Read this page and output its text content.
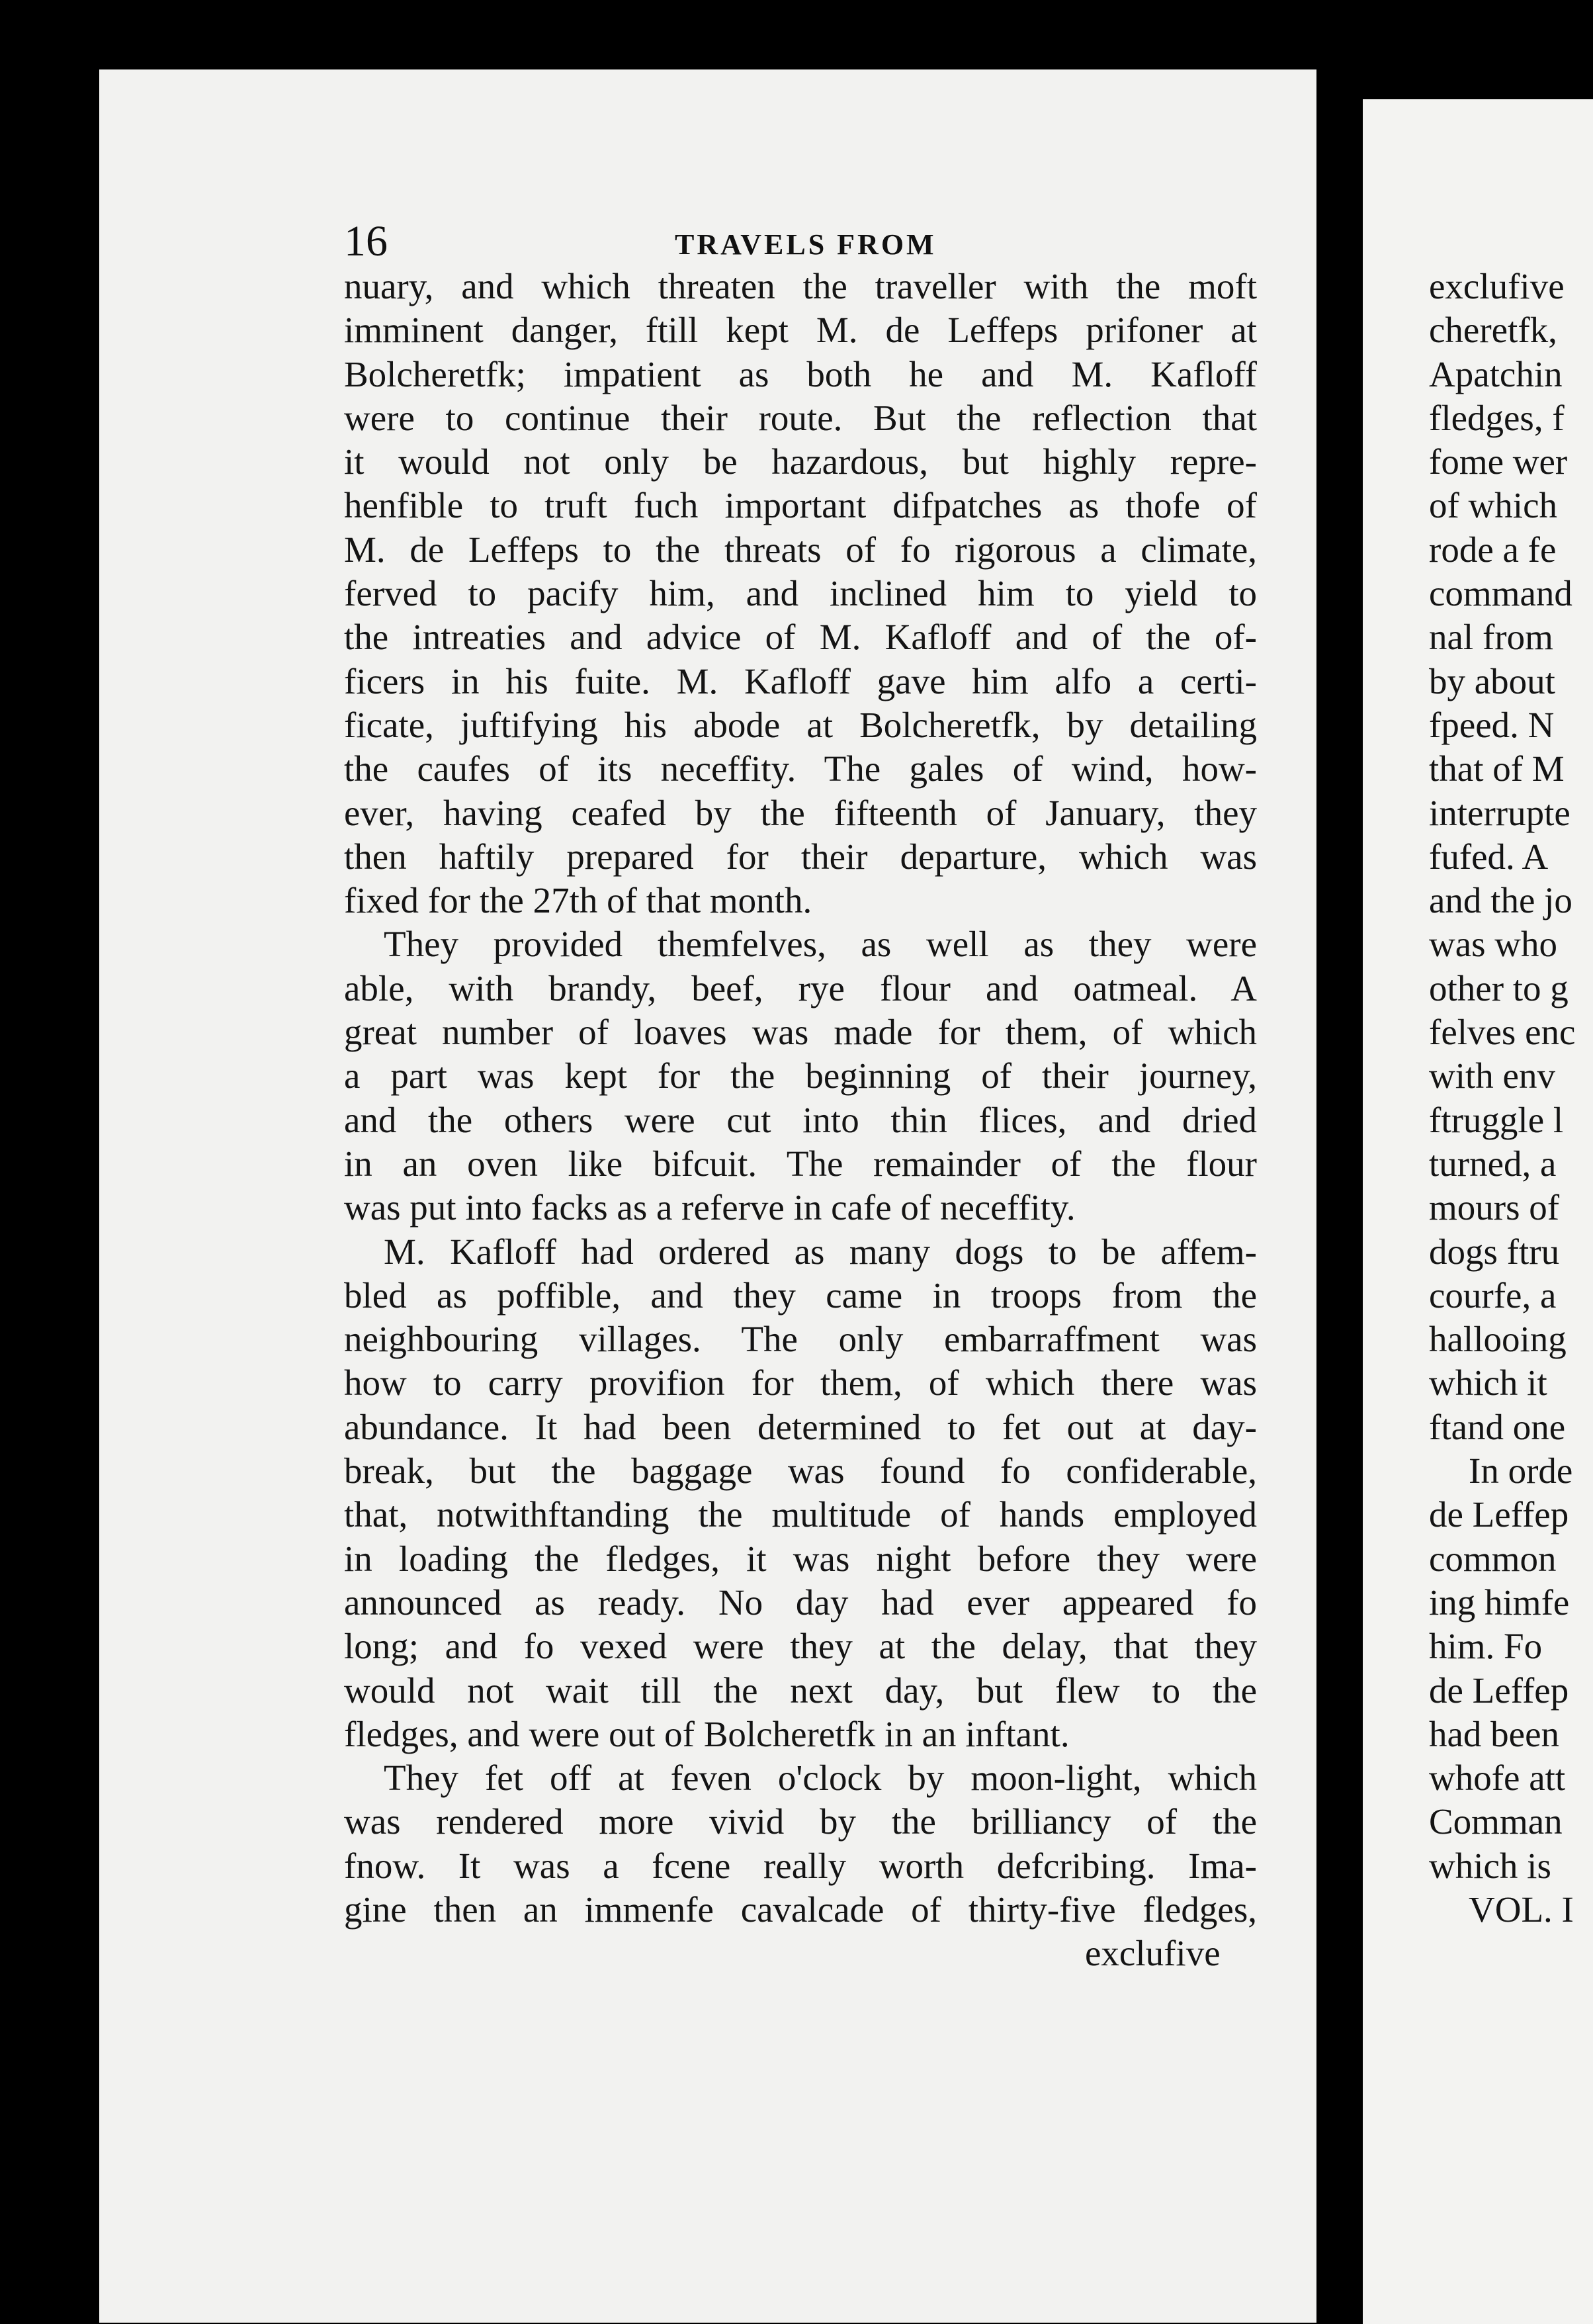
16	TRAVELS FROM
nuary, and which threaten the traveller with the moft
imminent danger, ftill kept M. de Leffeps prifoner at
Bolcheretfk; impatient as both he and M. Kafloff
were to continue their route. But the reflection that
it would not only be hazardous, but highly repre-
henfible to truft fuch important difpatches as thofe of
M. de Leffeps to the threats of fo rigorous a climate,
ferved to pacify him, and inclined him to yield to
the intreaties and advice of M. Kafloff and of the of-
ficers in his fuite. M. Kafloff gave him alfo a certi-
ficate, juftifying his abode at Bolcheretfk, by detailing
the caufes of its neceffity. The gales of wind, how-
ever, having ceafed by the fifteenth of January, they
then haftily prepared for their departure, which was
fixed for the 27th of that month.
They provided themfelves, as well as they were
able, with brandy, beef, rye flour and oatmeal. A
great number of loaves was made for them, of which
a part was kept for the beginning of their journey,
and the others were cut into thin flices, and dried
in an oven like bifcuit. The remainder of the flour
was put into facks as a referve in cafe of neceffity.
M. Kafloff had ordered as many dogs to be affem-
bled as poffible, and they came in troops from the
neighbouring villages. The only embarraffment was
how to carry provifion for them, of which there was
abundance. It had been determined to fet out at day-
break, but the baggage was found fo confiderable,
that, notwithftanding the multitude of hands employed
in loading the fledges, it was night before they were
announced as ready. No day had ever appeared fo
long; and fo vexed were they at the delay, that they
would not wait till the next day, but flew to the
fledges, and were out of Bolcheretfk in an inftant.
They fet off at feven o'clock by moon-light, which
was rendered more vivid by the brilliancy of the
fnow. It was a fcene really worth defcribing. Ima-
gine then an immenfe cavalcade of thirty-five fledges,
exclufive
exclufive
cheretfk,
Apatchin
fledges, f
fome wer
of which
rode a fe
command
nal from
by about
fpeed. N
that of M
interrupte
fufed. A
and the jo
was who
other to g
felves enc
with env
ftruggle l
turned, a
mours of
dogs ftru
courfe, a
hallooing
which it
ftand one
In orde
de Leffep
common
ing himfe
him. Fo
de Leffep
had been
whofe att
Comman
which is
VOL. I
